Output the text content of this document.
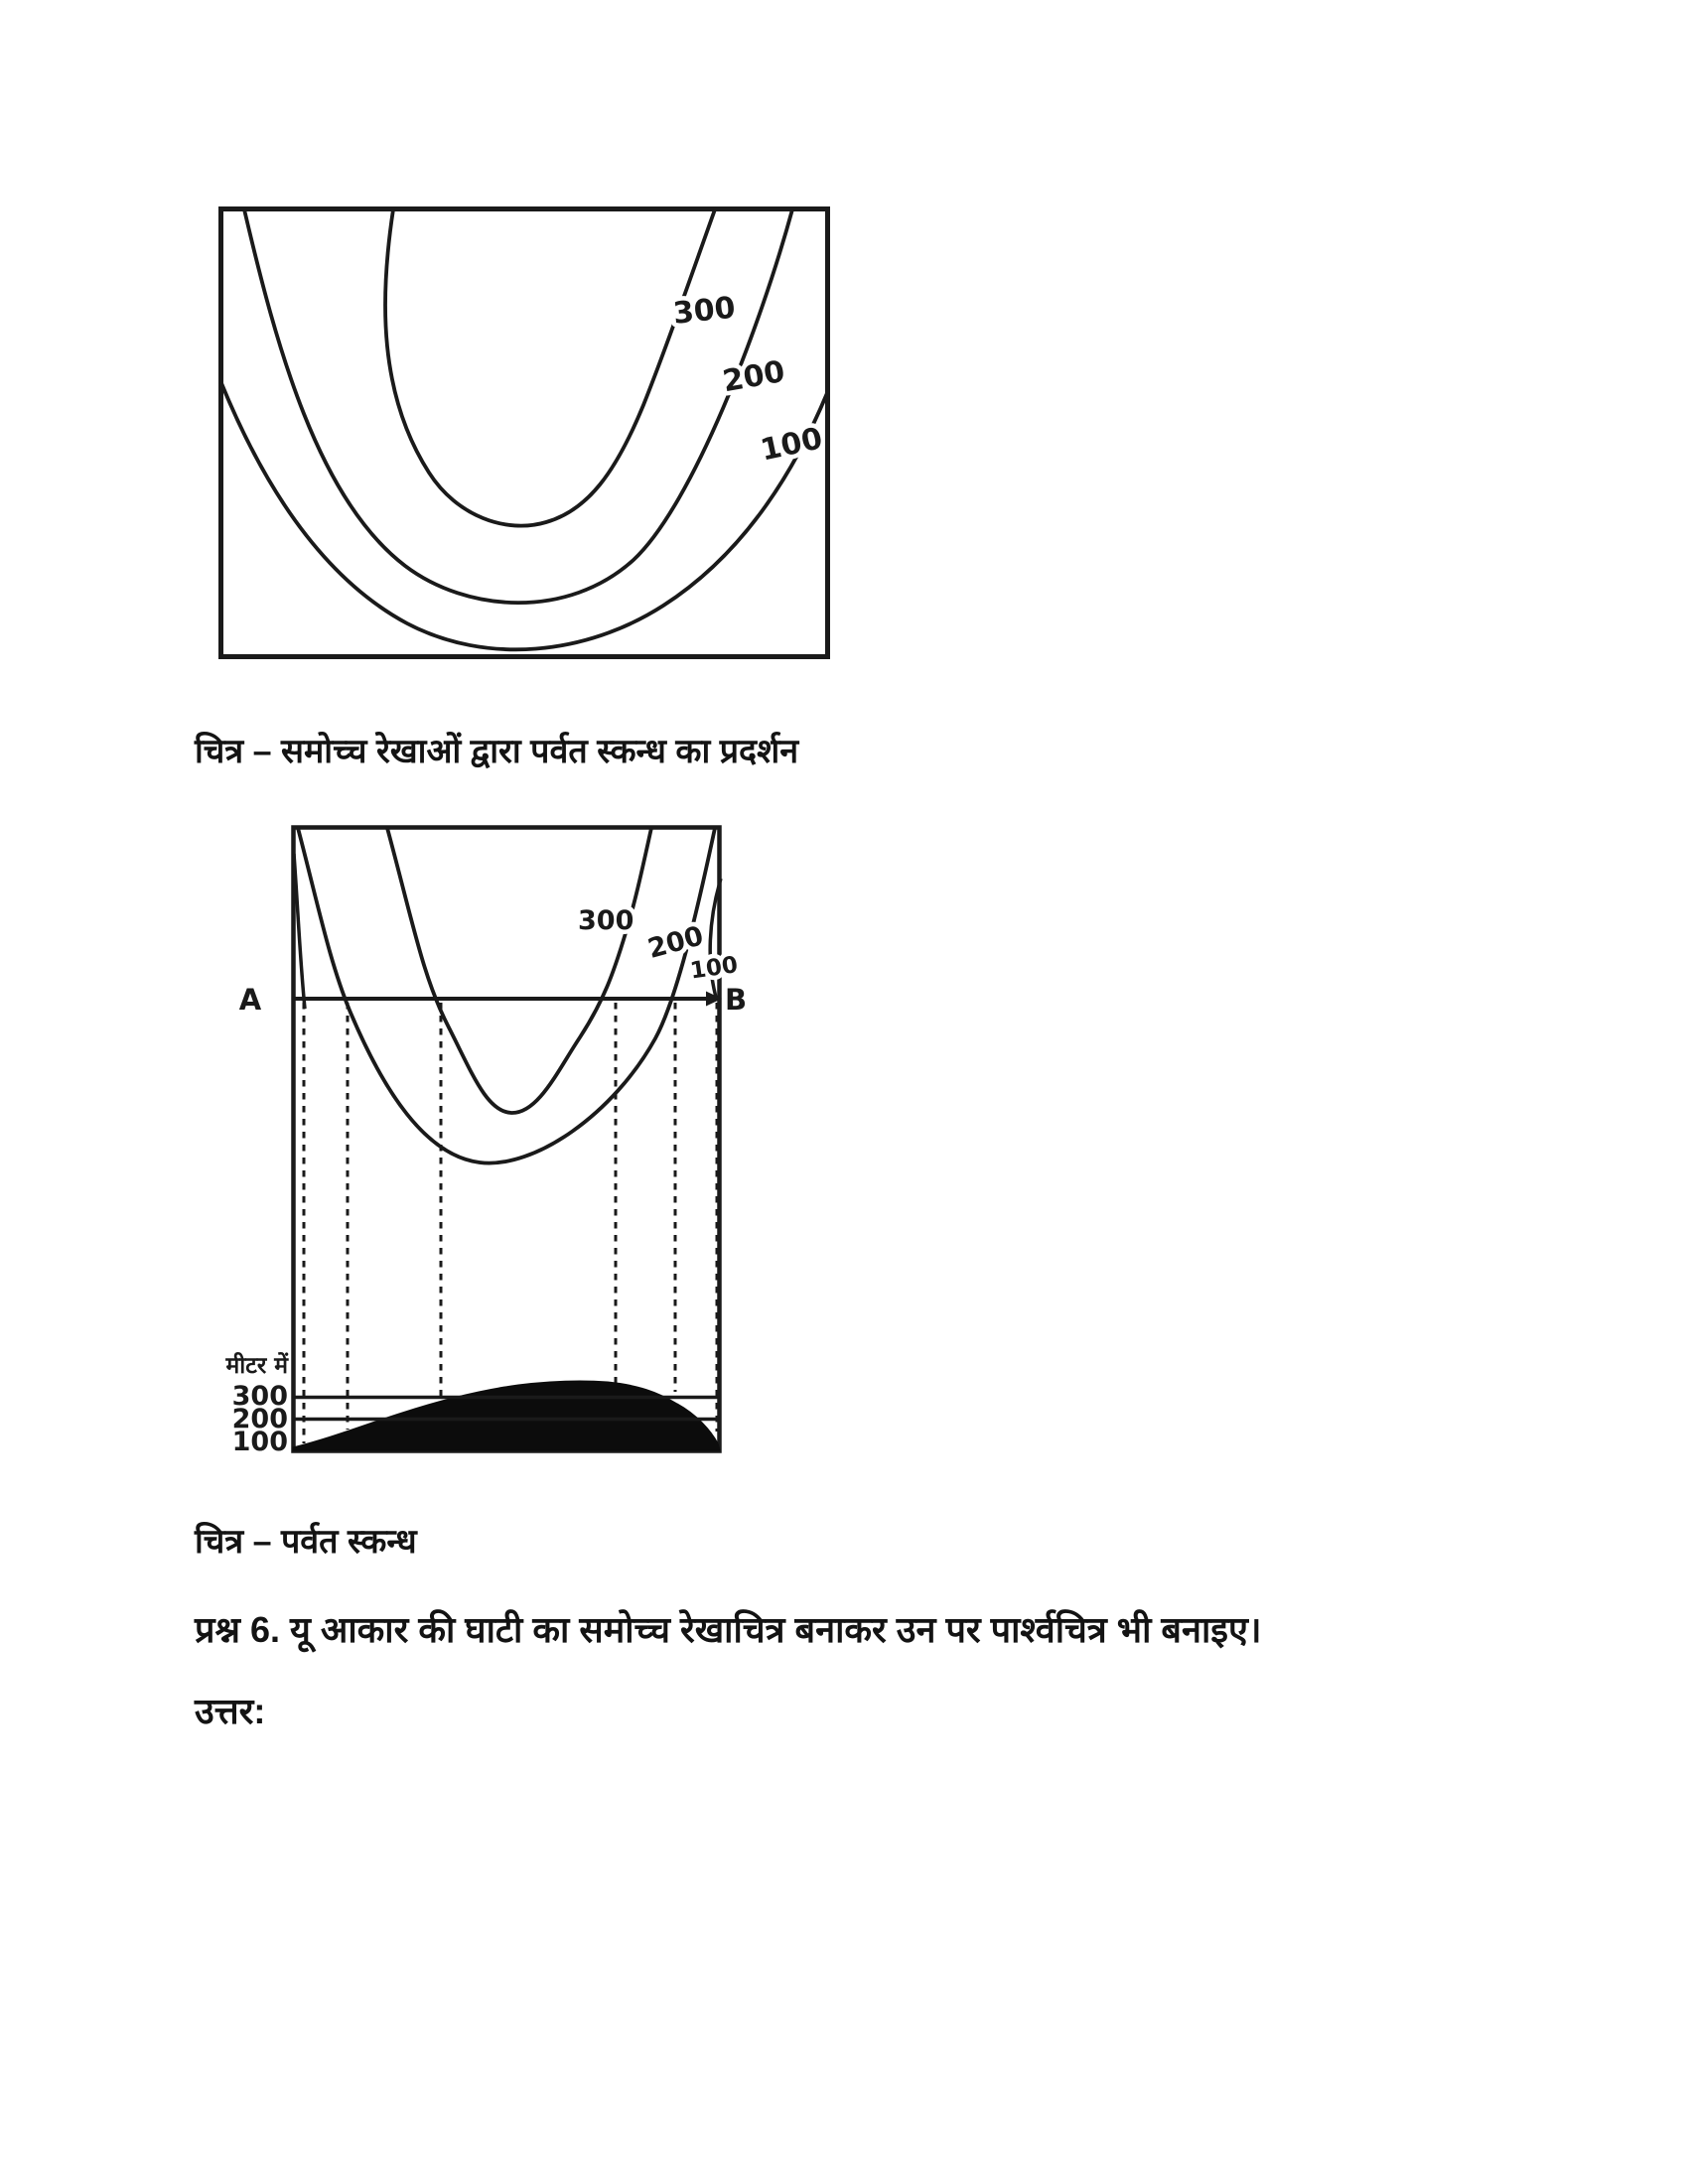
300
200
100
चित्र – समोच्च रेखाओं द्वारा पर्वत स्कन्ध का प्रदर्शन
300 200
100
A	B
मीटर में
300
200
100
चित्र – पर्वत स्कन्ध
प्रश्न 6. यू आकार की घाटी का समोच्च रेखाचित्र बनाकर उन पर पार्श्वचित्र भी बनाइए।
उत्तर:
